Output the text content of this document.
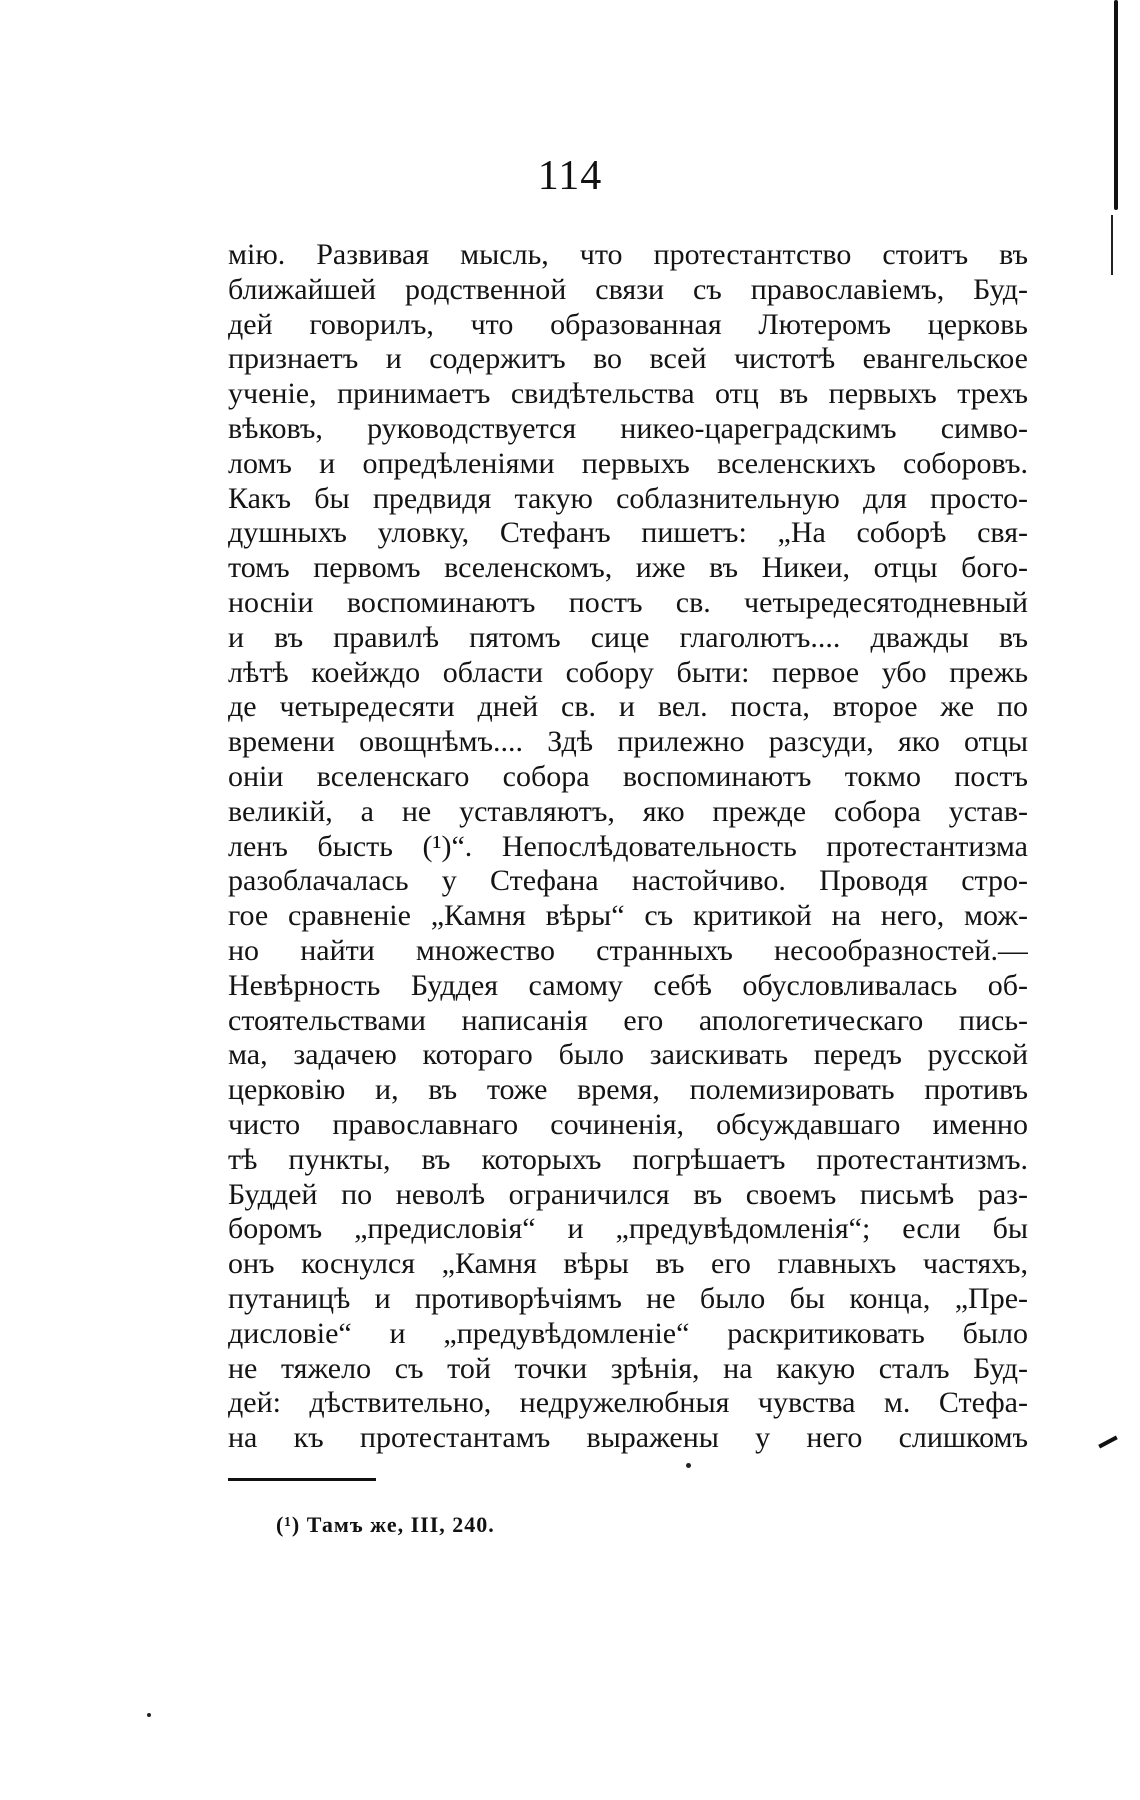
114
мію. Развивая мысль, что протестантство стоитъ въ
ближайшей родственной связи съ православіемъ, Буд-
дей говорилъ, что образованная Лютеромъ церковь
признаетъ и содержитъ во всей чистотѣ евангельское
ученіе, принимаетъ свидѣтельства отц въ первыхъ трехъ
вѣковъ, руководствуется никео-цареградскимъ симво-
ломъ и опредѣленіями первыхъ вселенскихъ соборовъ.
Какъ бы предвидя такую соблазнительную для просто-
душныхъ уловку, Стефанъ пишетъ: „На соборѣ свя-
томъ первомъ вселенскомъ, иже въ Никеи, отцы бого-
носніи воспоминаютъ постъ св. четыредесятодневный
и въ правилѣ пятомъ сице глаголютъ.... дважды въ
лѣтѣ коейждо области собору быти: первое убо прежь
де четыредесяти дней св. и вел. поста, второе же по
времени овощнѣмъ.... Здѣ прилежно разсуди, яко отцы
оніи вселенскаго собора воспоминаютъ токмо постъ
великій, а не уставляютъ, яко прежде собора устав-
ленъ бысть (¹)“. Непослѣдовательность протестантизма
разоблачалась у Стефана настойчиво. Проводя стро-
гое сравненіе „Камня вѣры“ съ критикой на него, мож-
но найти множество странныхъ несообразностей.—
Невѣрность Буддея самому себѣ обусловливалась об-
стоятельствами написанія его апологетическаго пись-
ма, задачею котораго было заискивать передъ русской
церковію и, въ тоже время, полемизировать противъ
чисто православнаго сочиненія, обсуждавшаго именно
тѣ пункты, въ которыхъ погрѣшаетъ протестантизмъ.
Буддей по неволѣ ограничился въ своемъ письмѣ раз-
боромъ „предисловія“ и „предувѣдомленія“; если бы
онъ коснулся „Камня вѣры въ его главныхъ частяхъ,
путаницѣ и противорѣчіямъ не было бы конца, „Пре-
дисловіе“ и „предувѣдомленіе“ раскритиковать было
не тяжело съ той точки зрѣнія, на какую сталъ Буд-
дей: дѣствительно, недружелюбныя чувства м. Стефа-
на къ протестантамъ выражены у него слишкомъ
(¹) Тамъ же, III, 240.
